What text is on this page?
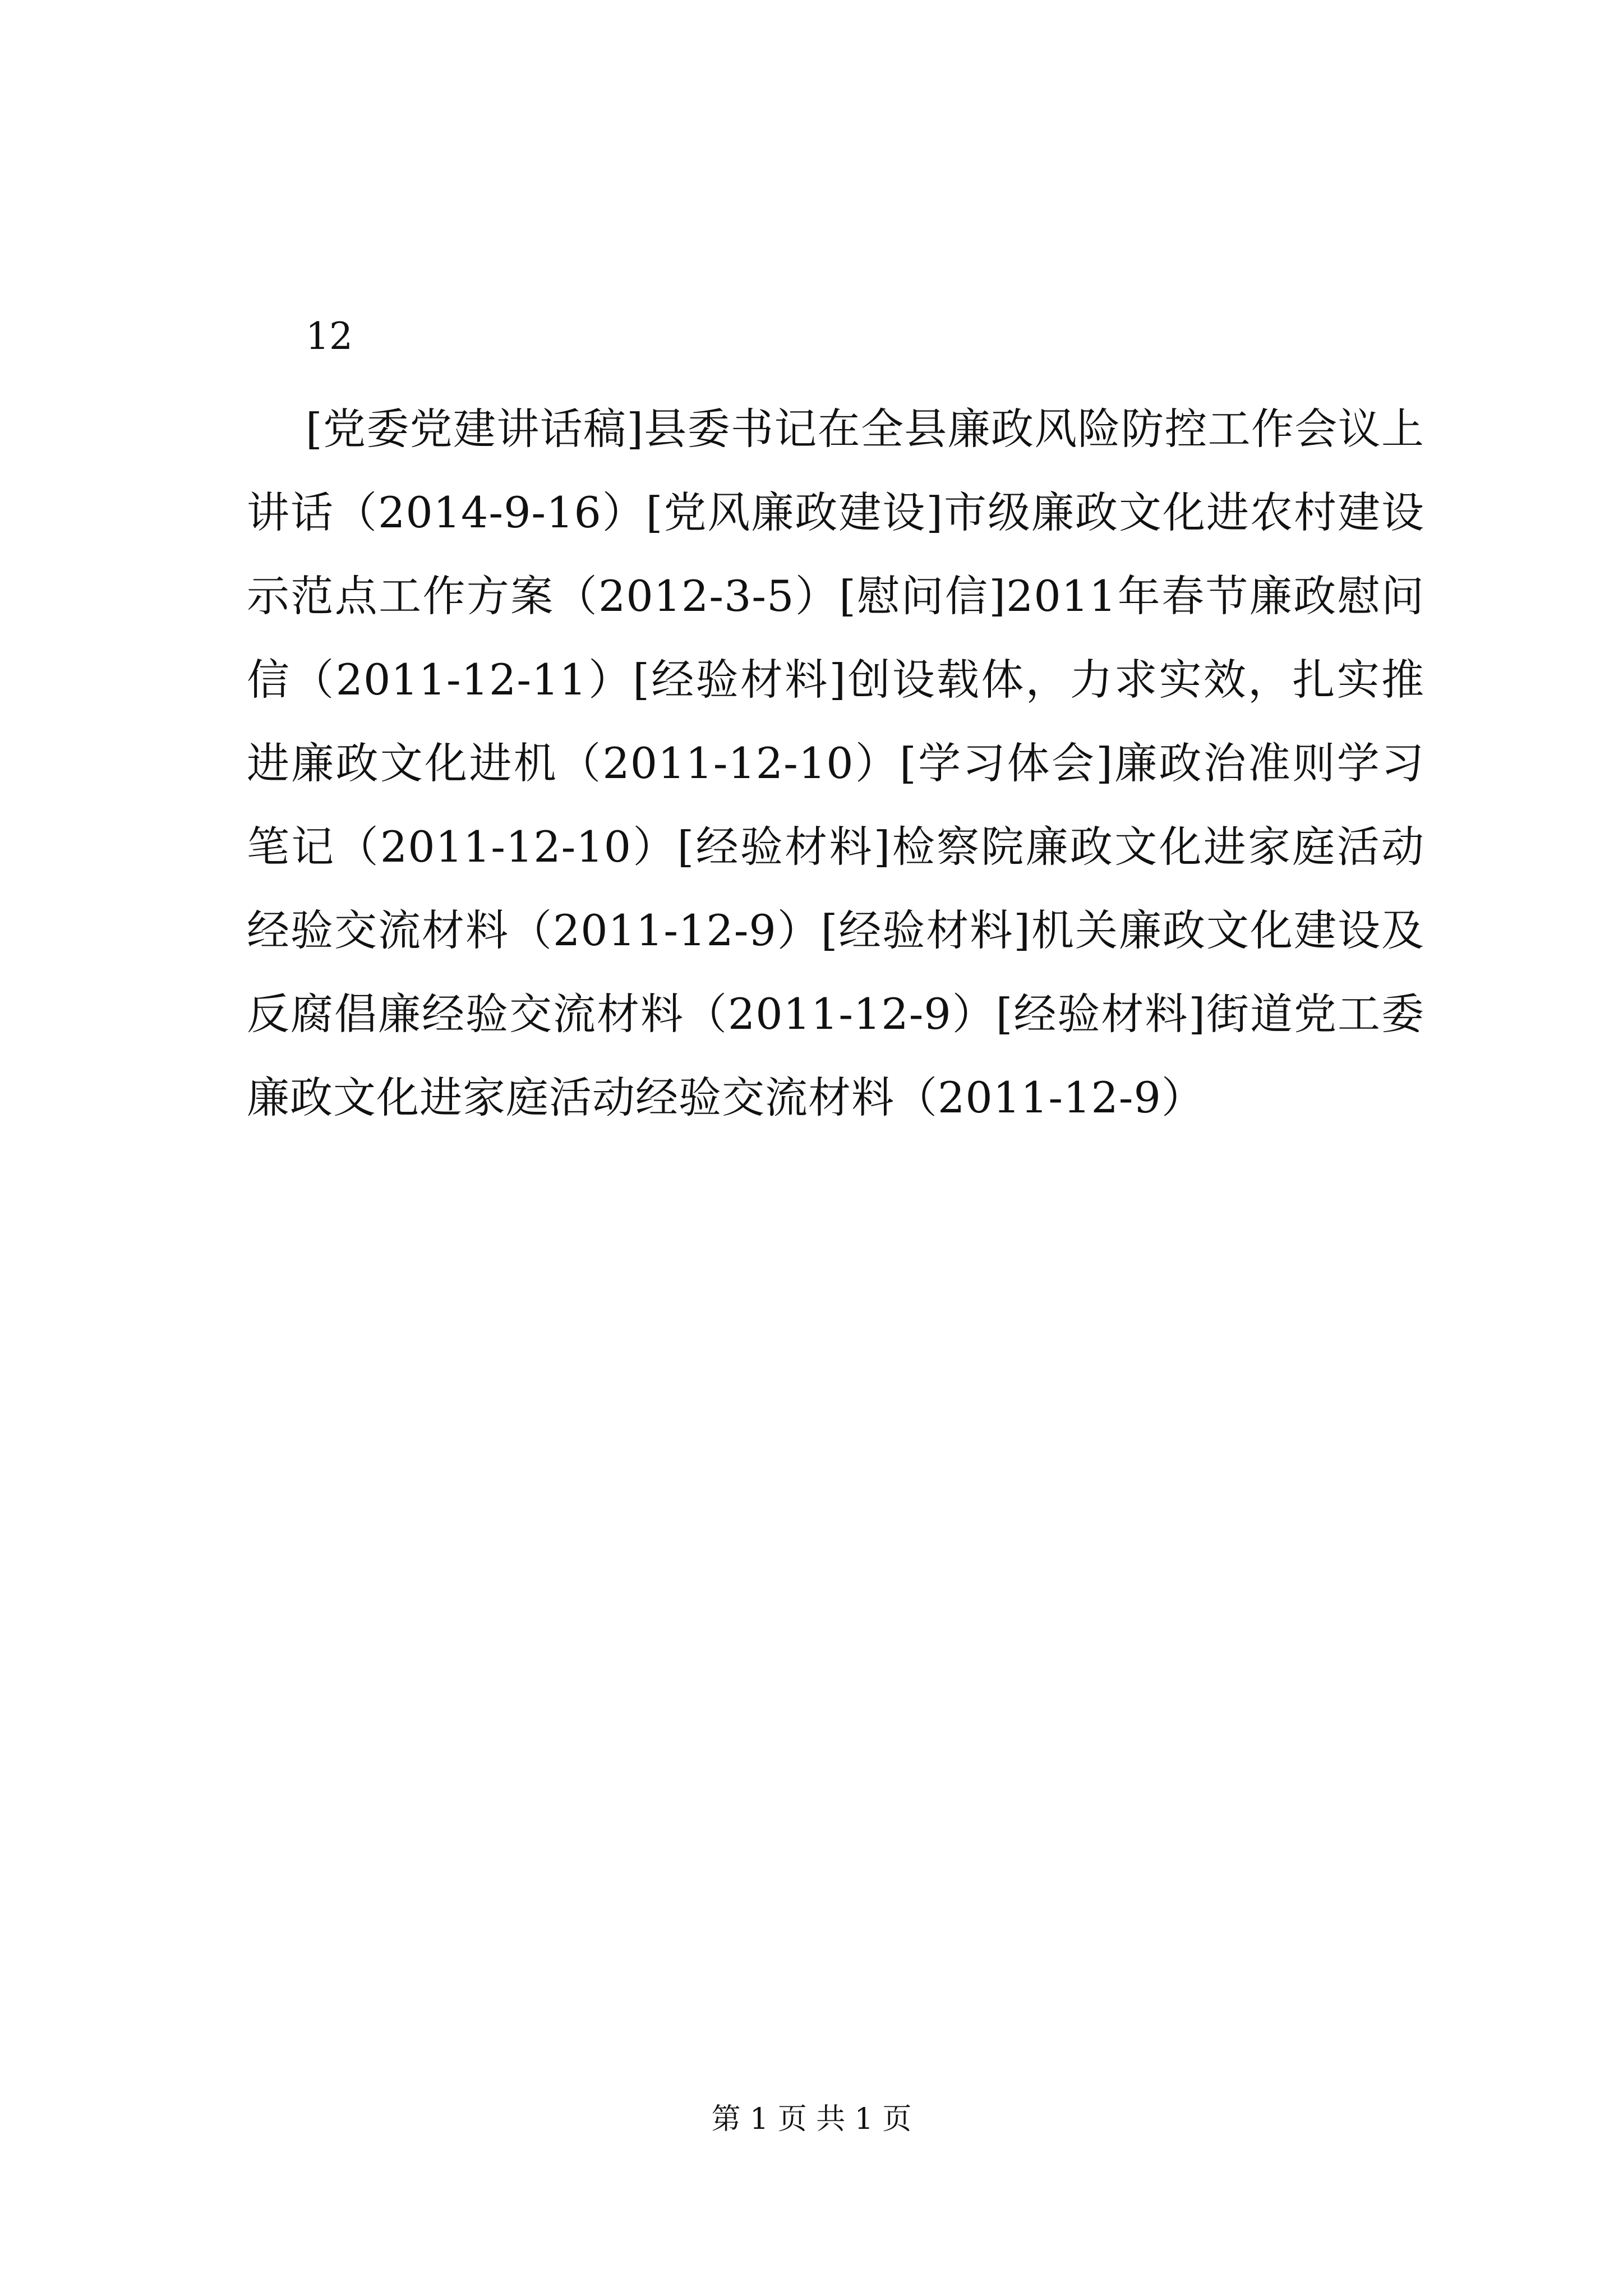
12

[党委党建讲话稿]县委书记在全县廉政风险防控工作会议上讲话（2014-9-16）[党风廉政建设]市级廉政文化进农村建设示范点工作方案（2012-3-5）[慰问信]2011年春节廉政慰问信（2011-12-11）[经验材料]创设载体，力求实效，扎实推进廉政文化进机（2011-12-10）[学习体会]廉政治准则学习笔记（2011-12-10）[经验材料]检察院廉政文化进家庭活动经验交流材料（2011-12-9）[经验材料]机关廉政文化建设及反腐倡廉经验交流材料（2011-12-9）[经验材料]街道党工委廉政文化进家庭活动经验交流材料（2011-12-9）

第 1 页 共 1 页
